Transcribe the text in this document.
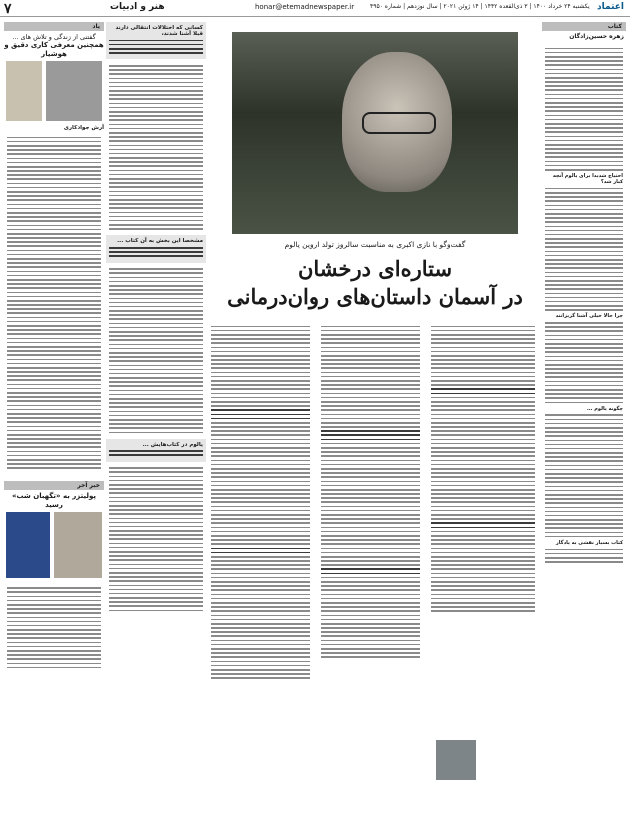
۷	هنر و ادبیات	honar@etemadnewspaper.ir	یکشنبه ۲۴ خرداد ۱۴۰۰ | ۳ ذی‌القعده ۱۴۴۲ | ۱۴ ژوئن ۲۰۲۱ | سال نوزدهم | شماره ۴۹۵۰ اعتماد
کتاب
زهره حسین‌زادگان
احتیاج شدیدا برای یالوم آنچه کبار شد؟
چرا حالا خیلی آشنا گریزانند
چگونه یالوم ...
کتاب بسیار نقشی به یادگار
گفت‌وگو با نازی اکبری به مناسبت سالروز تولد اروین یالوم
ستاره‌ای درخشان
در آسمان داستان‌های روان‌درمانی
کسانی که اختلالات انتقالی دارند قبلا آشنا شدند،
مشخصا این بخش به آن کتاب ...
یالوم در کتاب‌هایش ...
یاد
گفتنی از زندگی و تلاش های ...
همچنین معرفی کاری دقیق و هوشیار
آرش جوادکاری
خبر آخر
پولیتزر به «تگهبان شب» رسید
